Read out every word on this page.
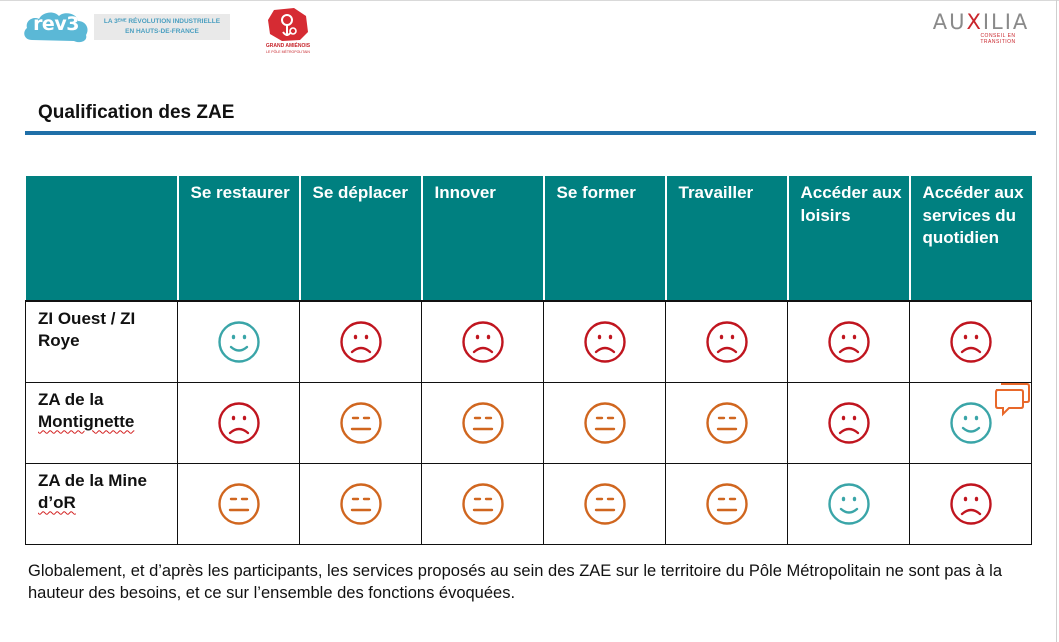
rev3	LA 3ᴱᴹᴱ RÉVOLUTION INDUSTRIELLE
EN HAUTS-DE-FRANCE
GRAND AMIÉNOIS
LE PÔLE MÉTROPOLITAIN
AUXILIA
CONSEIL EN TRANSITION
Qualification des ZAE
	Se restaurer	Se déplacer	Innover	Se former	Travailler	Accéder aux loisirs	Accéder aux services du quotidien
ZI Ouest / ZI Roye							
ZA de la Montignette							

ZA de la Mine d’oR							
Globalement, et d’après les participants, les services proposés au sein des ZAE sur le territoire du Pôle Métropolitain ne sont pas à la hauteur des besoins, et ce sur l’ensemble des fonctions évoquées.
